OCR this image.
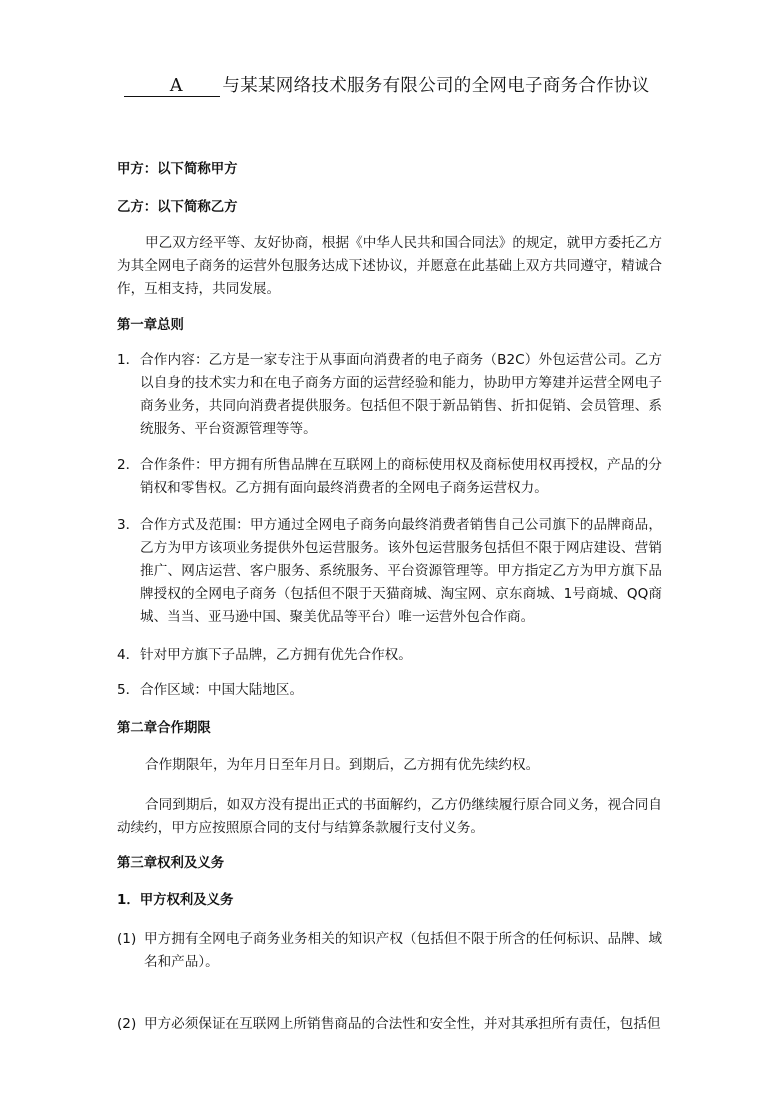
A 与某某网络技术服务有限公司的全网电子商务合作协议
甲方：以下简称甲方
乙方：以下简称乙方
甲乙双方经平等、友好协商，根据《中华人民共和国合同法》的规定，就甲方委托乙方为其全网电子商务的运营外包服务达成下述协议，并愿意在此基础上双方共同遵守，精诚合作，互相支持，共同发展。
第一章总则
1． 合作内容：乙方是一家专注于从事面向消费者的电子商务（B2C）外包运营公司。乙方以自身的技术实力和在电子商务方面的运营经验和能力，协助甲方筹建并运营全网电子商务业务，共同向消费者提供服务。包括但不限于新品销售、折扣促销、会员管理、系统服务、平台资源管理等等。
2． 合作条件：甲方拥有所售品牌在互联网上的商标使用权及商标使用权再授权，产品的分销权和零售权。乙方拥有面向最终消费者的全网电子商务运营权力。
3． 合作方式及范围：甲方通过全网电子商务向最终消费者销售自己公司旗下的品牌商品，乙方为甲方该项业务提供外包运营服务。该外包运营服务包括但不限于网店建设、营销推广、网店运营、客户服务、系统服务、平台资源管理等。甲方指定乙方为甲方旗下品牌授权的全网电子商务（包括但不限于天猫商城、淘宝网、京东商城、1号商城、QQ商城、当当、亚马逊中国、聚美优品等平台）唯一运营外包合作商。
4． 针对甲方旗下子品牌，乙方拥有优先合作权。
5． 合作区域：中国大陆地区。
第二章合作期限
合作期限年，为年月日至年月日。到期后，乙方拥有优先续约权。
合同到期后，如双方没有提出正式的书面解约，乙方仍继续履行原合同义务，视合同自动续约，甲方应按照原合同的支付与结算条款履行支付义务。
第三章权利及义务
1．甲方权利及义务
(1) 甲方拥有全网电子商务业务相关的知识产权（包括但不限于所含的任何标识、品牌、域名和产品）。
(2) 甲方必须保证在互联网上所销售商品的合法性和安全性，并对其承担所有责任，包括但
